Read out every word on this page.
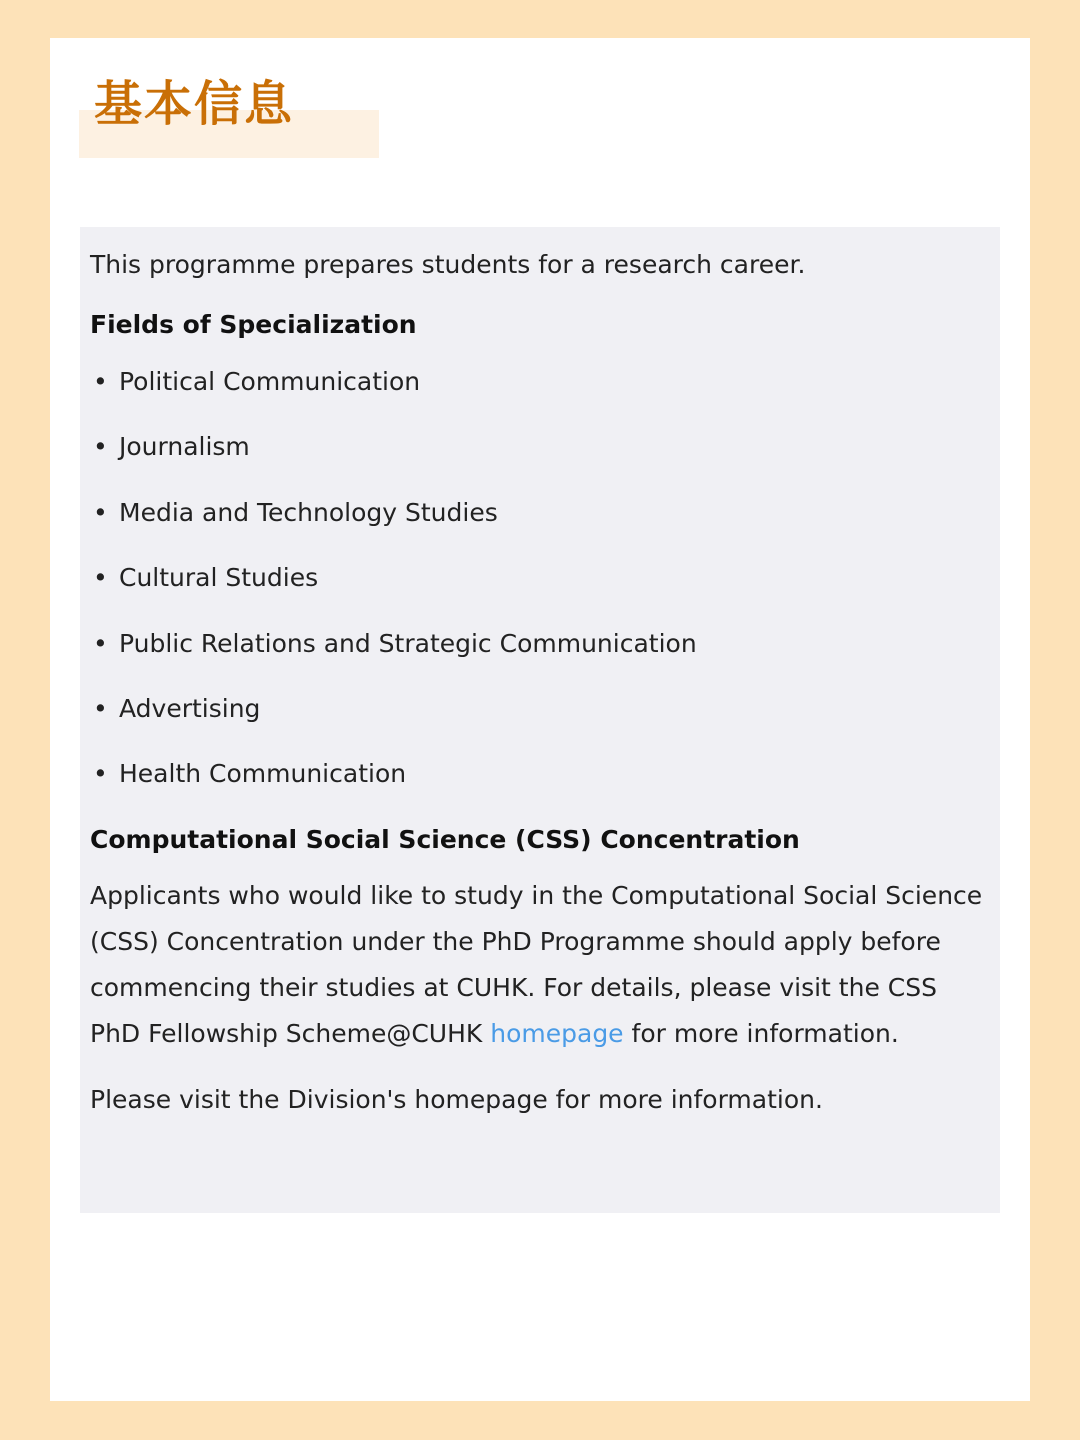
基本信息

This programme prepares students for a research career.

Fields of Specialization
• Political Communication
• Journalism
• Media and Technology Studies
• Cultural Studies
• Public Relations and Strategic Communication
• Advertising
• Health Communication
Computational Social Science (CSS) Concentration

Applicants who would like to study in the Computational Social Science (CSS) Concentration under the PhD Programme should apply before commencing their studies at CUHK. For details, please visit the CSS PhD Fellowship Scheme@CUHK homepage for more information.

Please visit the Division's homepage for more information.
